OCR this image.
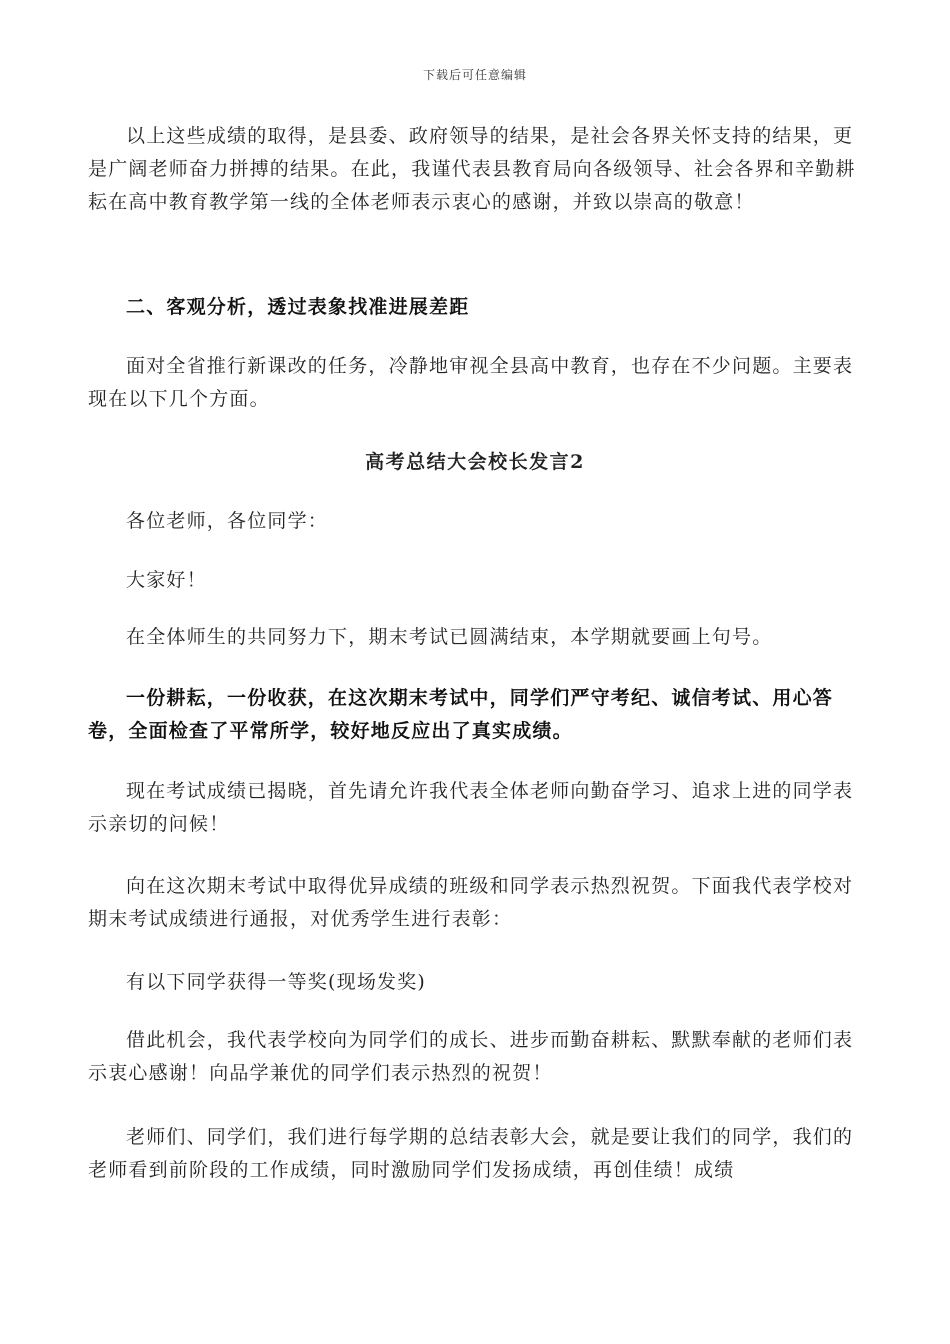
下载后可任意编辑

以上这些成绩的取得，是县委、政府领导的结果，是社会各界关怀支持的结果，更是广阔老师奋力拼搏的结果。在此，我谨代表县教育局向各级领导、社会各界和辛勤耕耘在高中教育教学第一线的全体老师表示衷心的感谢，并致以崇高的敬意！

二、客观分析，透过表象找准进展差距

面对全省推行新课改的任务，冷静地审视全县高中教育，也存在不少问题。主要表现在以下几个方面。

高考总结大会校长发言2

各位老师，各位同学：

大家好！

在全体师生的共同努力下，期末考试已圆满结束，本学期就要画上句号。

一份耕耘，一份收获，在这次期末考试中，同学们严守考纪、诚信考试、用心答卷，全面检查了平常所学，较好地反应出了真实成绩。

现在考试成绩已揭晓，首先请允许我代表全体老师向勤奋学习、追求上进的同学表示亲切的问候！

向在这次期末考试中取得优异成绩的班级和同学表示热烈祝贺。下面我代表学校对期末考试成绩进行通报，对优秀学生进行表彰：

有以下同学获得一等奖(现场发奖)

借此机会，我代表学校向为同学们的成长、进步而勤奋耕耘、默默奉献的老师们表示衷心感谢！向品学兼优的同学们表示热烈的祝贺！

老师们、同学们，我们进行每学期的总结表彰大会，就是要让我们的同学，我们的老师看到前阶段的工作成绩，同时激励同学们发扬成绩，再创佳绩！成绩
